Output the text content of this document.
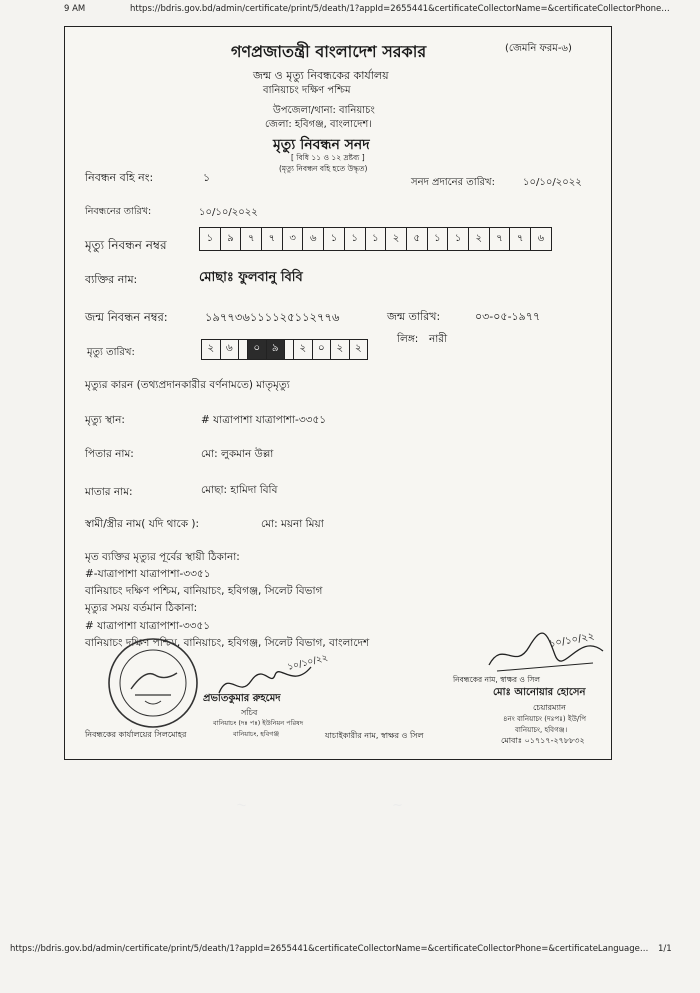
9 AM	https://bdris.gov.bd/admin/certificate/print/5/death/1?appId=2655441&certificateCollectorName=&certificateCollectorPhone…
https://bdris.gov.bd/admin/certificate/print/5/death/1?appId=2655441&certificateCollectorName=&certificateCollectorPhone=&certificateLanguage… 1/1
গণপ্রজাতন্ত্রী বাংলাদেশ সরকার	(জেমনি ফরম-৬)
জন্ম ও মৃত্যু নিবন্ধকের কার্যালয়
বানিয়াচং দক্ষিণ পশ্চিম
উপজেলা/থানা: বানিয়াচং
জেলা: হবিগঞ্জ, বাংলাদেশ।
মৃত্যু নিবন্ধন সনদ
[ বিধি ১১ ও ১২ দ্রষ্টব্য ]
(মৃত্যু নিবন্ধন বহি হতে উদ্ধৃত)
নিবন্ধন বহি নং:	১	সনদ প্রদানের তারিখ:	১০/১০/২০২২
নিবন্ধনের তারিখ:	১০/১০/২০২২
মৃত্যু নিবন্ধন নম্বর	১	৯	৭	৭	৩	৬	১	১	১	২	৫	১	১	২	৭	৭	৬
ব্যক্তির নাম:	মোছাঃ ফুলবানু বিবি
জন্ম নিবন্ধন নম্বর:	১৯৭৭৩৬১১১১২৫১১২৭৭৬	জন্ম তারিখ:	০৩-০৫-১৯৭৭
মৃত্যু তারিখ:	২	৬	০	৯	২	০	২	২
লিঙ্গ: নারী
মৃত্যুর কারন (তথ্যপ্রদানকারীর বর্ণনামতে) মাতৃমৃত্যু
মৃত্যু স্থান:	# যাত্রাপাশা যাত্রাপাশা-৩৩৫১
পিতার নাম:	মো: লুকমান উল্লা
মাতার নাম:	মোছা: হামিদা বিবি
স্বামী/স্ত্রীর নাম( যদি থাকে ):	মো: ময়না মিয়া
মৃত ব্যক্তির মৃত্যুর পূর্বের স্থায়ী ঠিকানা:
#-যাত্রাপাশা যাত্রাপাশা-৩৩৫১
বানিয়াচং দক্ষিণ পশ্চিম, বানিয়াচং, হবিগঞ্জ, সিলেট বিভাগ
মৃত্যুর সময় বর্তমান ঠিকানা:
# যাত্রাপাশা যাত্রাপাশা-৩৩৫১
বানিয়াচং দক্ষিণ পশ্চিম, বানিয়াচং, হবিগঞ্জ, সিলেট বিভাগ, বাংলাদেশ
১০/১০/২২
প্রভাতকুমার রুহমেদ
সচিব
বানিয়াচং (দঃ পঃ) ইউনিয়ন পরিষদ
বানিয়াচং, হবিগঞ্জ
১০/১০/২২
নিবন্ধকের নাম, স্বাক্ষর ও সিল
মোঃ আনোয়ার হোসেন
চেয়ারম্যান
৪নং বানিয়াচং (দঃপঃ) ইউ/পি
বানিয়াচং, হবিগঞ্জ।
মোবাঃ ০১৭১৭-২৭৮৮৩২
নিবন্ধকের কার্যালয়ের সিলমোহর	যাচাইকারীর নাম, স্বাক্ষর ও সিল
~	~
